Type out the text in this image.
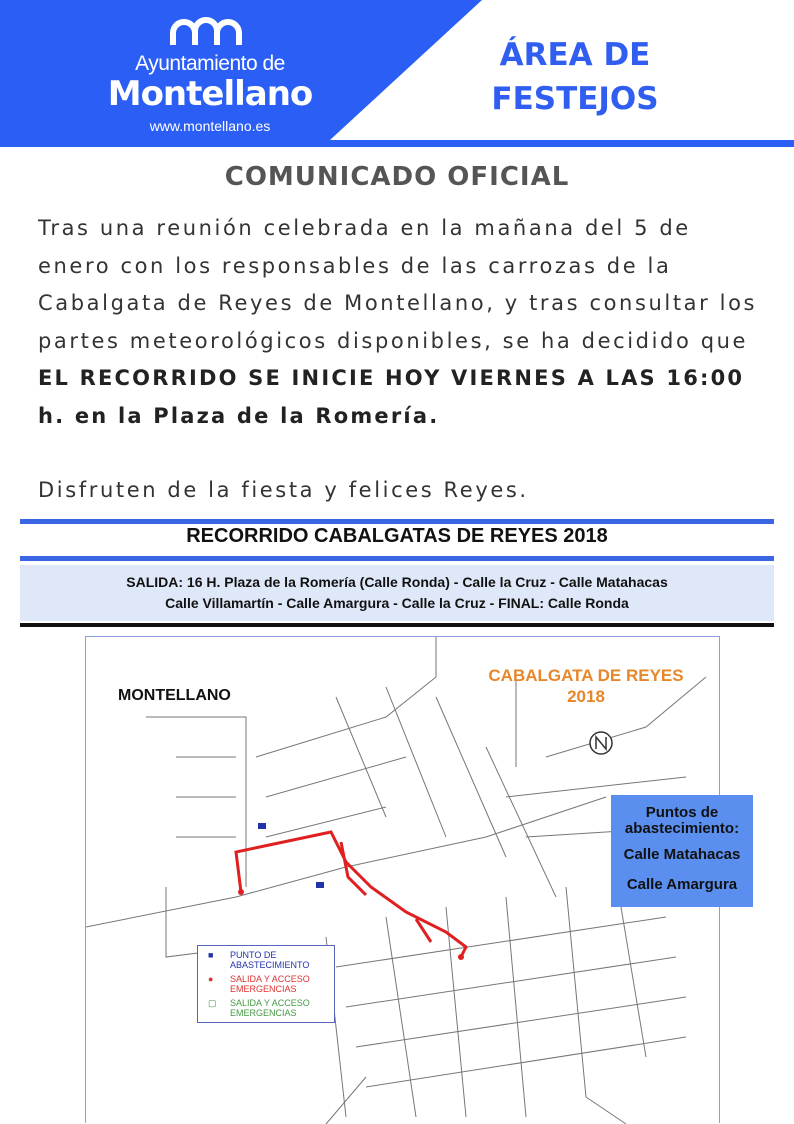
Ayuntamiento de
Montellano
www.montellano.es
ÁREA DE
FESTEJOS
COMUNICADO OFICIAL
Tras una reunión celebrada en la mañana del 5 de enero con los responsables de las carrozas de la Cabalgata de Reyes de Montellano, y tras consultar los partes meteorológicos disponibles, se ha decidido que EL RECORRIDO SE INICIE HOY VIERNES A LAS 16:00 h. en la Plaza de la Romería.
Disfruten de la fiesta y felices Reyes.
RECORRIDO CABALGATAS DE REYES 2018
SALIDA: 16 H. Plaza de la Romería (Calle Ronda) - Calle la Cruz - Calle Matahacas
Calle Villamartín - Calle Amargura - Calle la Cruz - FINAL: Calle Ronda
MONTELLANO
CABALGATA DE REYES
2018
Puntos de
abastecimiento:
Calle Matahacas
Calle Amargura
■	PUNTO DE
ABASTECIMIENTO
●	SALIDA Y ACCESO
EMERGENCIAS
▢	SALIDA Y ACCESO
EMERGENCIAS
